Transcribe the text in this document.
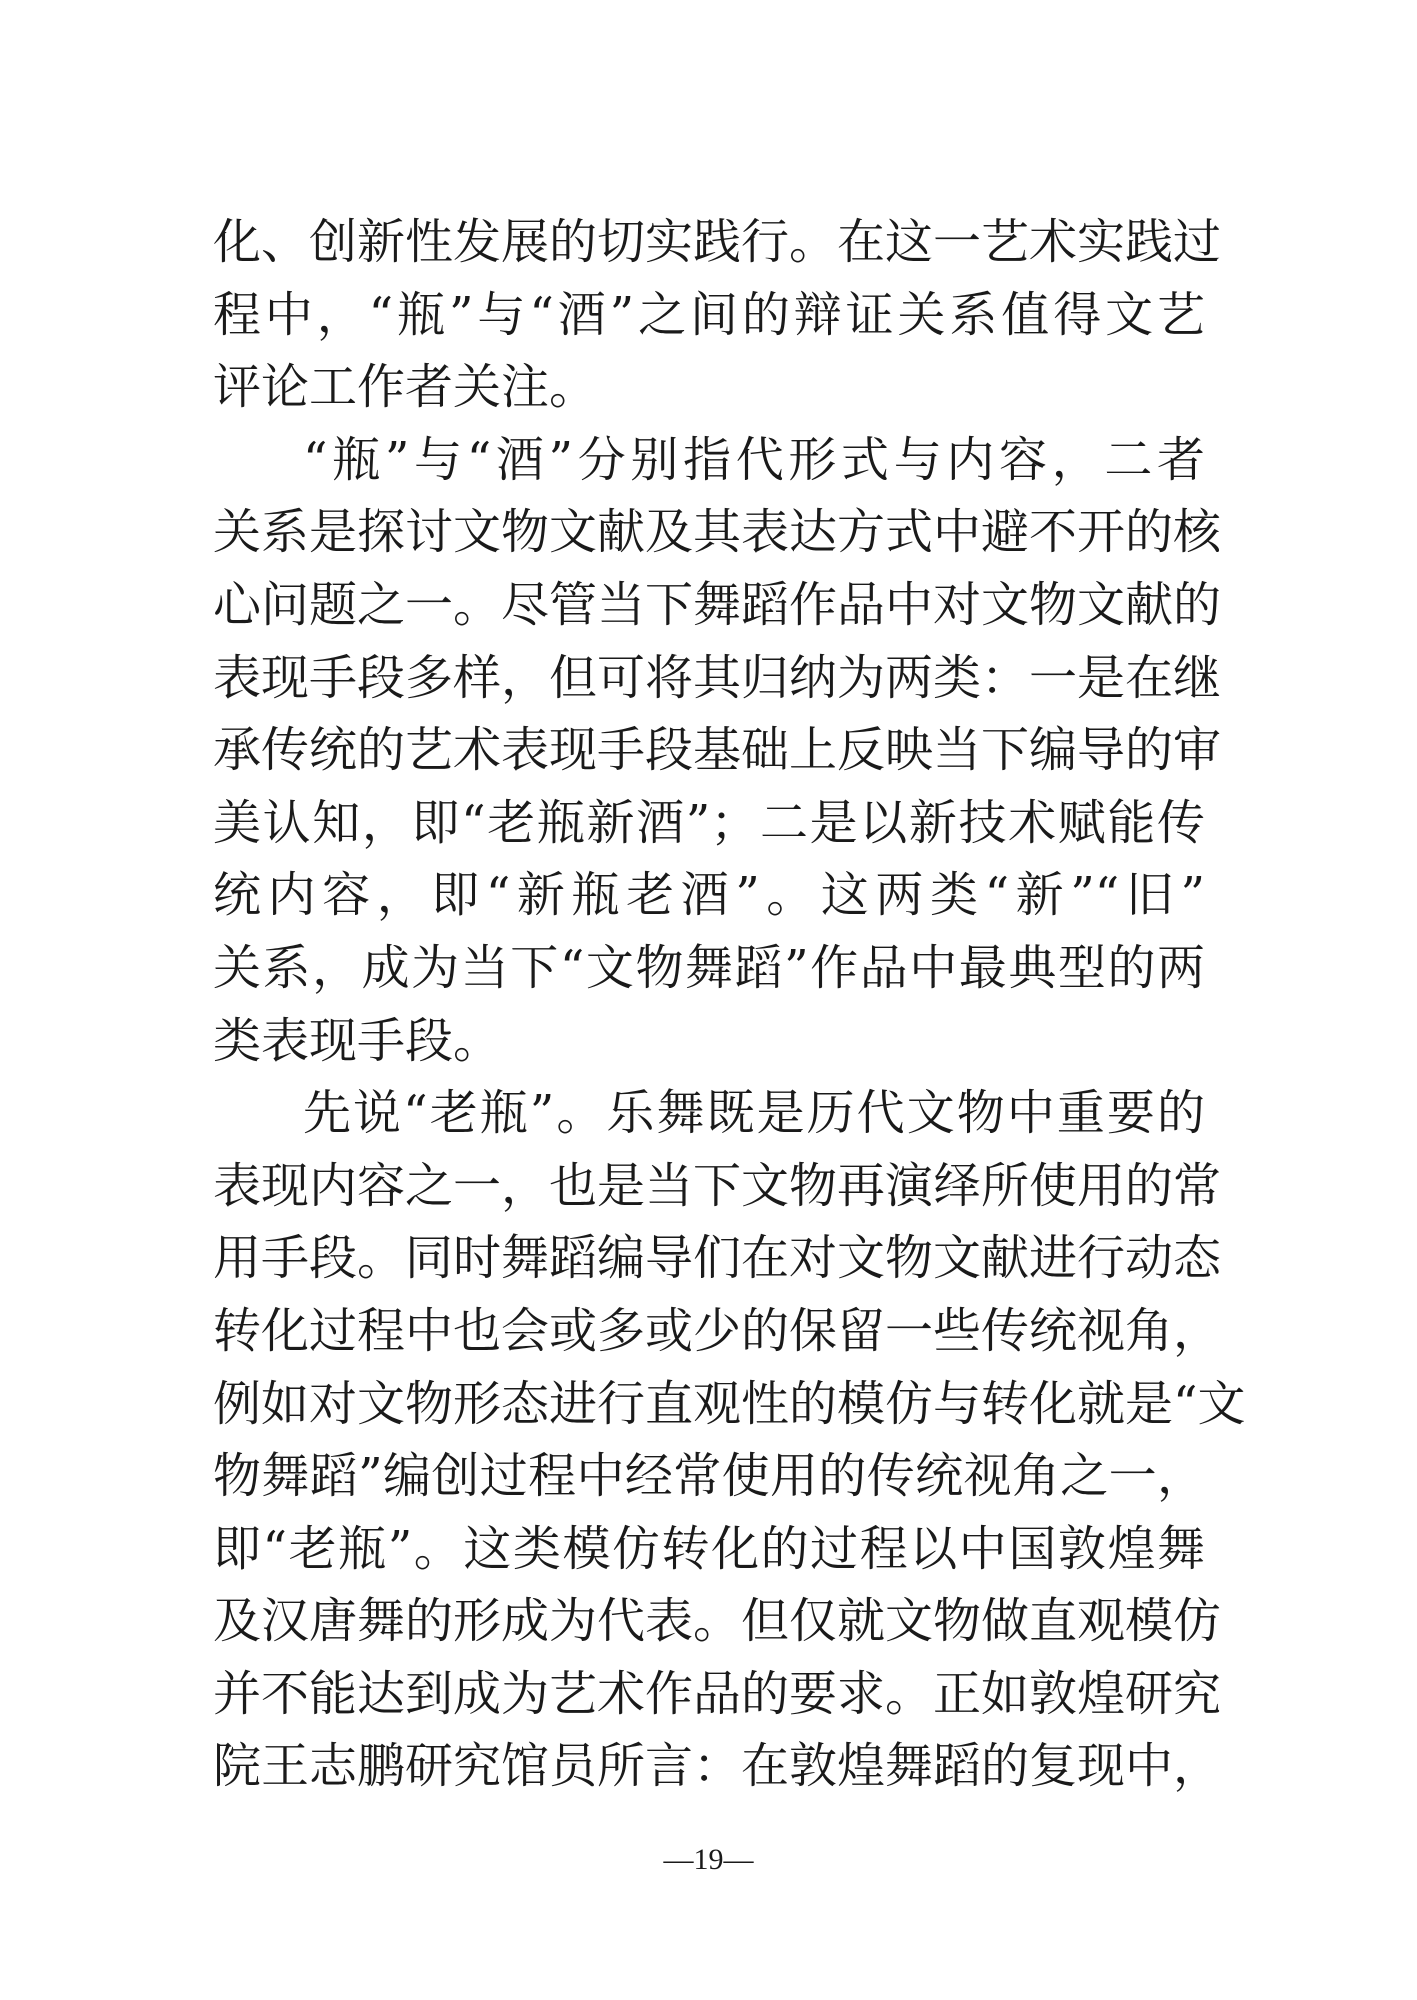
化、创新性发展的切实践行。在这一艺术实践过
程中，“瓶”与“酒”之间的辩证关系值得文艺
评论工作者关注。
“瓶”与“酒”分别指代形式与内容，二者
关系是探讨文物文献及其表达方式中避不开的核
心问题之一。尽管当下舞蹈作品中对文物文献的
表现手段多样，但可将其归纳为两类：一是在继
承传统的艺术表现手段基础上反映当下编导的审
美认知，即“老瓶新酒”；二是以新技术赋能传
统内容，即“新瓶老酒”。这两类“新”“旧”
关系，成为当下“文物舞蹈”作品中最典型的两
类表现手段。
先说“老瓶”。乐舞既是历代文物中重要的
表现内容之一，也是当下文物再演绎所使用的常
用手段。同时舞蹈编导们在对文物文献进行动态
转化过程中也会或多或少的保留一些传统视角，
例如对文物形态进行直观性的模仿与转化就是“文
物舞蹈”编创过程中经常使用的传统视角之一，
即“老瓶”。这类模仿转化的过程以中国敦煌舞
及汉唐舞的形成为代表。但仅就文物做直观模仿
并不能达到成为艺术作品的要求。正如敦煌研究
院王志鹏研究馆员所言：在敦煌舞蹈的复现中，
—19—
